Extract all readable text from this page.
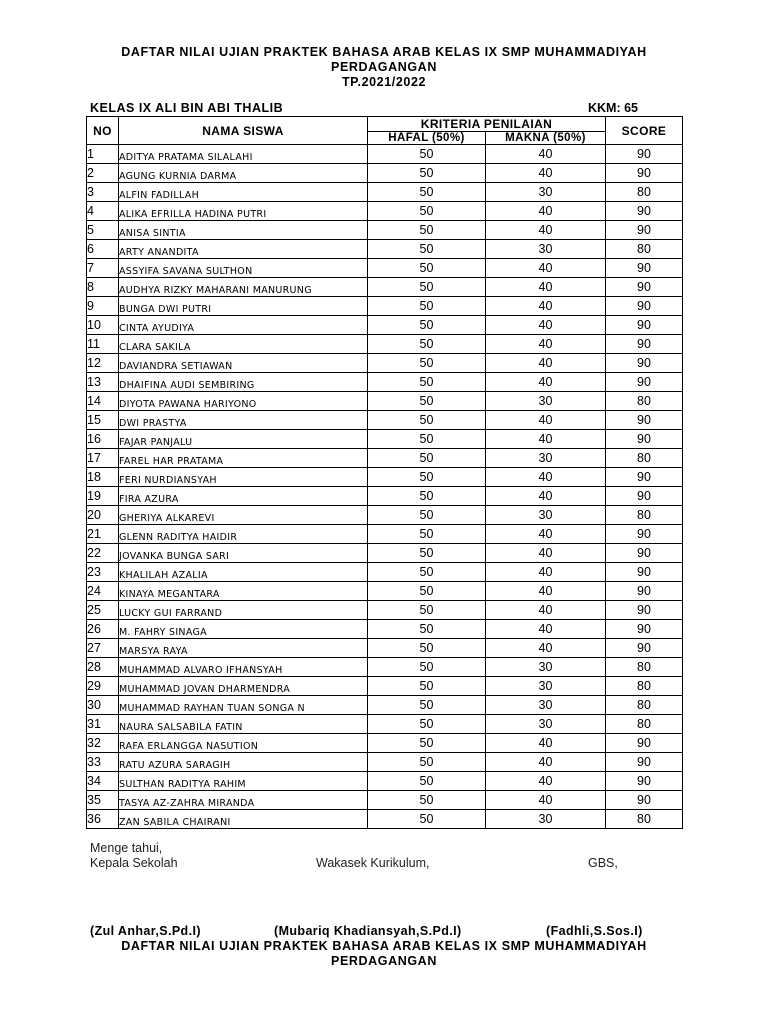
DAFTAR NILAI UJIAN PRAKTEK BAHASA ARAB KELAS IX SMP MUHAMMADIYAH
PERDAGANGAN
TP.2021/2022
KELAS IX ALI BIN ABI THALIB	KKM: 65
NO	NAMA SISWA	KRITERIA PENILAIAN		SCORE
		HAFAL (50%)	MAKNA (50%)	
1	ADITYA PRATAMA SILALAHI	50	40	90
2	AGUNG KURNIA DARMA	50	40	90
3	ALFIN FADILLAH	50	30	80
4	ALIKA EFRILLA HADINA PUTRI	50	40	90
5	ANISA SINTIA	50	40	90
6	ARTY ANANDITA	50	30	80
7	ASSYIFA SAVANA SULTHON	50	40	90
8	AUDHYA RIZKY MAHARANI MANURUNG	50	40	90
9	BUNGA DWI PUTRI	50	40	90
10	CINTA AYUDIYA	50	40	90
11	CLARA SAKILA	50	40	90
12	DAVIANDRA SETIAWAN	50	40	90
13	DHAIFINA AUDI SEMBIRING	50	40	90
14	DIYOTA PAWANA HARIYONO	50	30	80
15	DWI PRASTYA	50	40	90
16	FAJAR PANJALU	50	40	90
17	FAREL HAR PRATAMA	50	30	80
18	FERI NURDIANSYAH	50	40	90
19	FIRA AZURA	50	40	90
20	GHERIYA ALKAREVI	50	30	80
21	GLENN RADITYA HAIDIR	50	40	90
22	JOVANKA BUNGA SARI	50	40	90
23	KHALILAH AZALIA	50	40	90
24	KINAYA MEGANTARA	50	40	90
25	LUCKY GUI FARRAND	50	40	90
26	M. FAHRY SINAGA	50	40	90
27	MARSYA RAYA	50	40	90
28	MUHAMMAD ALVARO IFHANSYAH	50	30	80
29	MUHAMMAD JOVAN DHARMENDRA	50	30	80
30	MUHAMMAD RAYHAN TUAN SONGA N	50	30	80
31	NAURA SALSABILA FATIN	50	30	80
32	RAFA ERLANGGA NASUTION	50	40	90
33	RATU AZURA SARAGIH	50	40	90
34	SULTHAN RADITYA RAHIM	50	40	90
35	TASYA AZ-ZAHRA MIRANDA	50	40	90
36	ZAN SABILA CHAIRANI	50	30	80
Menge tahui,
Kepala Sekolah	Wakasek Kurikulum,	GBS,
(Zul Anhar,S.Pd.I)	(Mubariq Khadiansyah,S.Pd.I)	(Fadhli,S.Sos.I)
DAFTAR NILAI UJIAN PRAKTEK BAHASA ARAB KELAS IX SMP MUHAMMADIYAH
PERDAGANGAN
